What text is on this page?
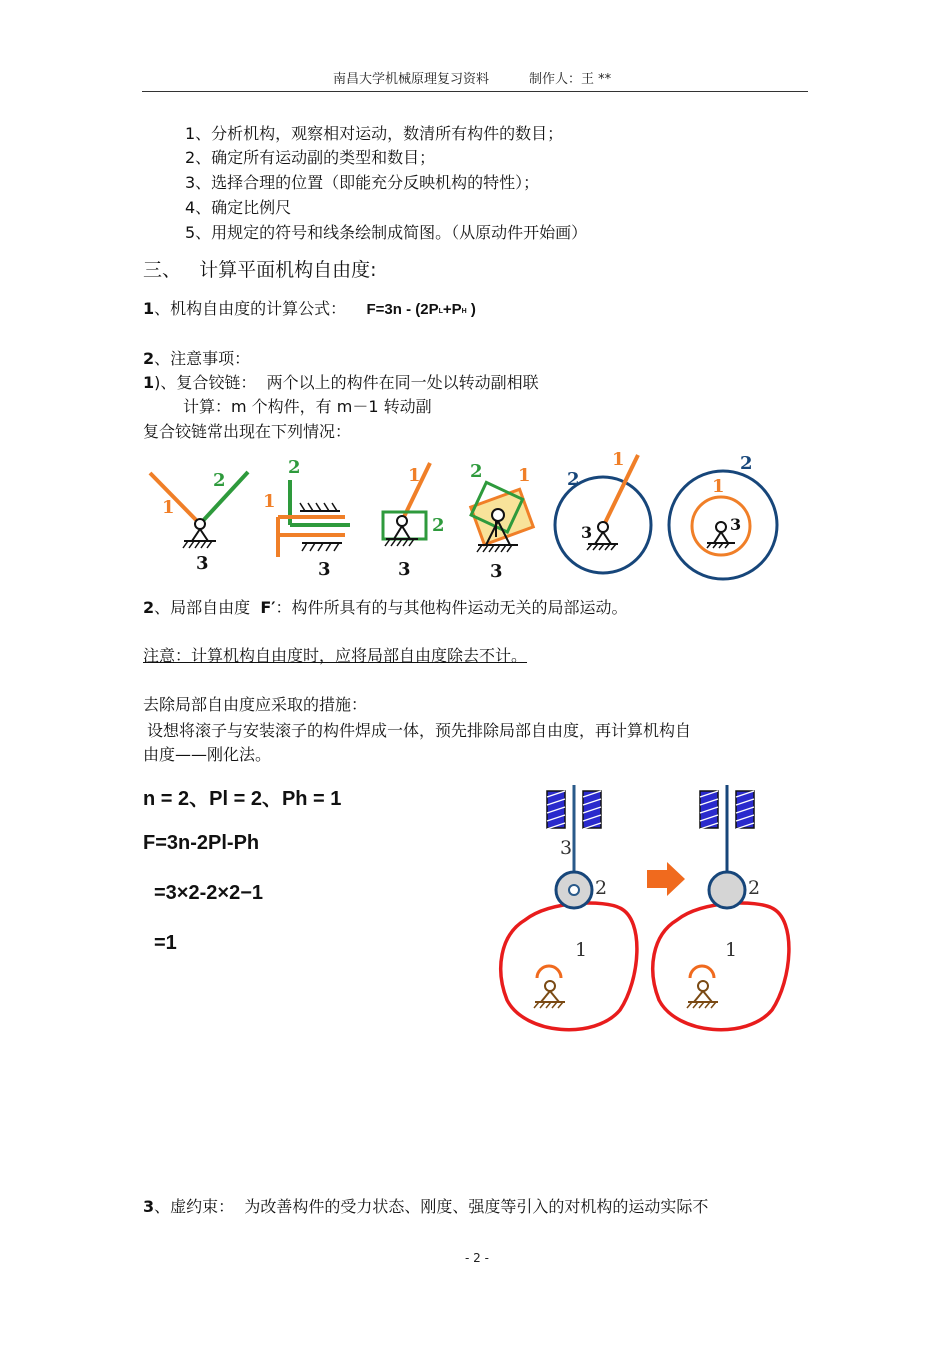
南昌大学机械原理复习资料	制作人：王 **
1、分析机构，观察相对运动，数清所有构件的数目；
2、确定所有运动副的类型和数目；
3、选择合理的位置（即能充分反映机构的特性）；
4、确定比例尺
5、用规定的符号和线条绘制成简图。（从原动件开始画）
三、 计算平面机构自由度:
1、机构自由度的计算公式： $F=3n - (2P_L+P_H$ )
2、注意事项：
1)、复合铰链： 两个以上的构件在同一处以转动副相联
计算：m 个构件，有 m－1 转动副
复合铰链常出现在下列情况：
1
2
3
2
1
3
1
2
3
2 1
3
2
1
3
2
1
3
2、局部自由度 F′：构件所具有的与其他构件运动无关的局部运动。
注意：计算机构自由度时，应将局部自由度除去不计。
去除局部自由度应采取的措施：
设想将滚子与安装滚子的构件焊成一体，预先排除局部自由度，再计算机构自
由度——刚化法。
n = 2、Pl = 2、Ph = 1
F=3n-2Pl-Ph
=3×2-2×2−1
=1
3
2
1
2
1
3、虚约束： 为改善构件的受力状态、刚度、强度等引入的对机构的运动实际不
- 2 -
